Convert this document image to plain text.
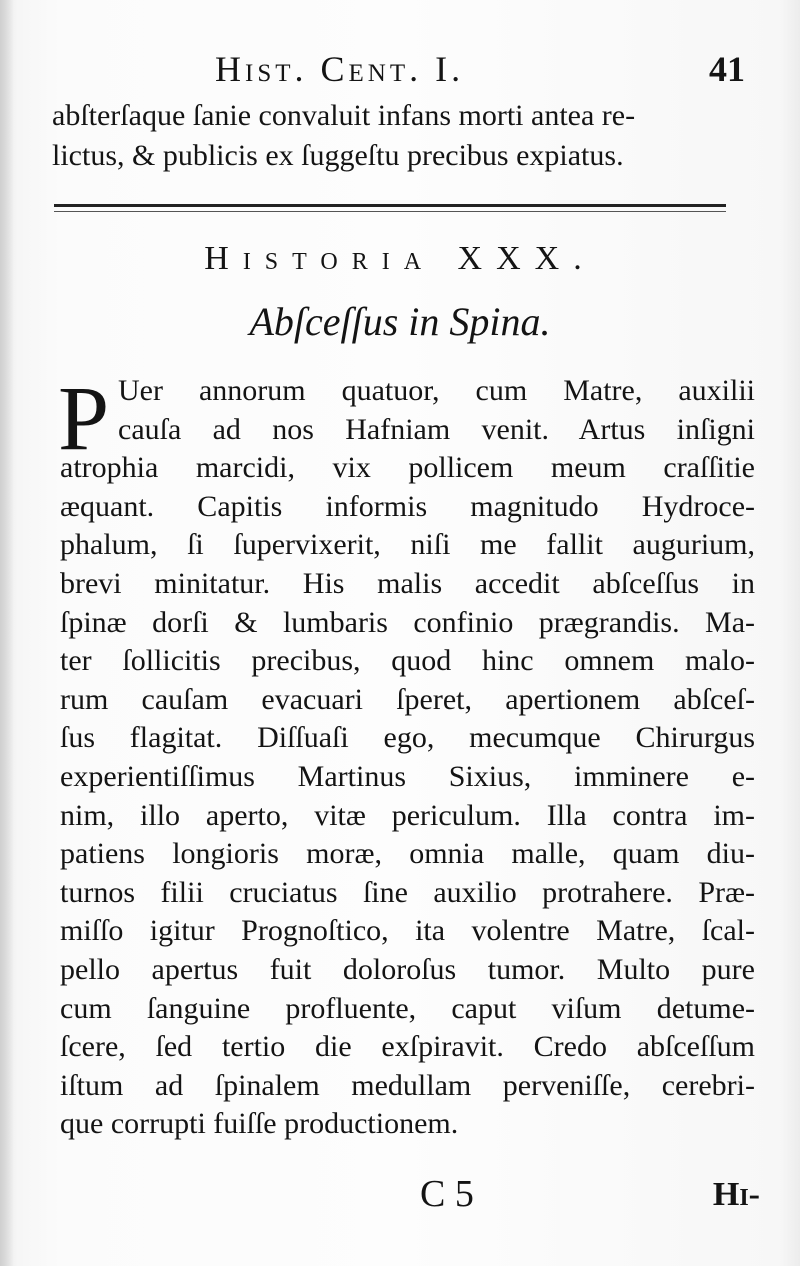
Hist. Cent. I.	41
abſterſaque ſanie convaluit infans morti antea re-
lictus, & publicis ex ſuggeſtu precibus expiatus.
Historia XXX.
Abſceſſus in Spina.
P Uer annorum quatuor, cum Matre, auxilii
cauſa ad nos Hafniam venit. Artus inſigni
atrophia marcidi, vix pollicem meum craſſitie
æquant. Capitis informis magnitudo Hydroce-
phalum, ſi ſupervixerit, niſi me fallit augurium,
brevi minitatur. His malis accedit abſceſſus in
ſpinæ dorſi & lumbaris confinio prægrandis. Ma-
ter ſollicitis precibus, quod hinc omnem malo-
rum cauſam evacuari ſperet, apertionem abſceſ-
ſus flagitat. Diſſuaſi ego, mecumque Chirurgus
experientiſſimus Martinus Sixius, imminere e-
nim, illo aperto, vitæ periculum. Illa contra im-
patiens longioris moræ, omnia malle, quam diu-
turnos filii cruciatus ſine auxilio protrahere. Præ-
miſſo igitur Prognoſtico, ita volentre Matre, ſcal-
pello apertus fuit doloroſus tumor. Multo pure
cum ſanguine profluente, caput viſum detume-
ſcere, ſed tertio die exſpiravit. Credo abſceſſum
iſtum ad ſpinalem medullam perveniſſe, cerebri-
que corrupti fuiſſe productionem.
C 5	Hi-
